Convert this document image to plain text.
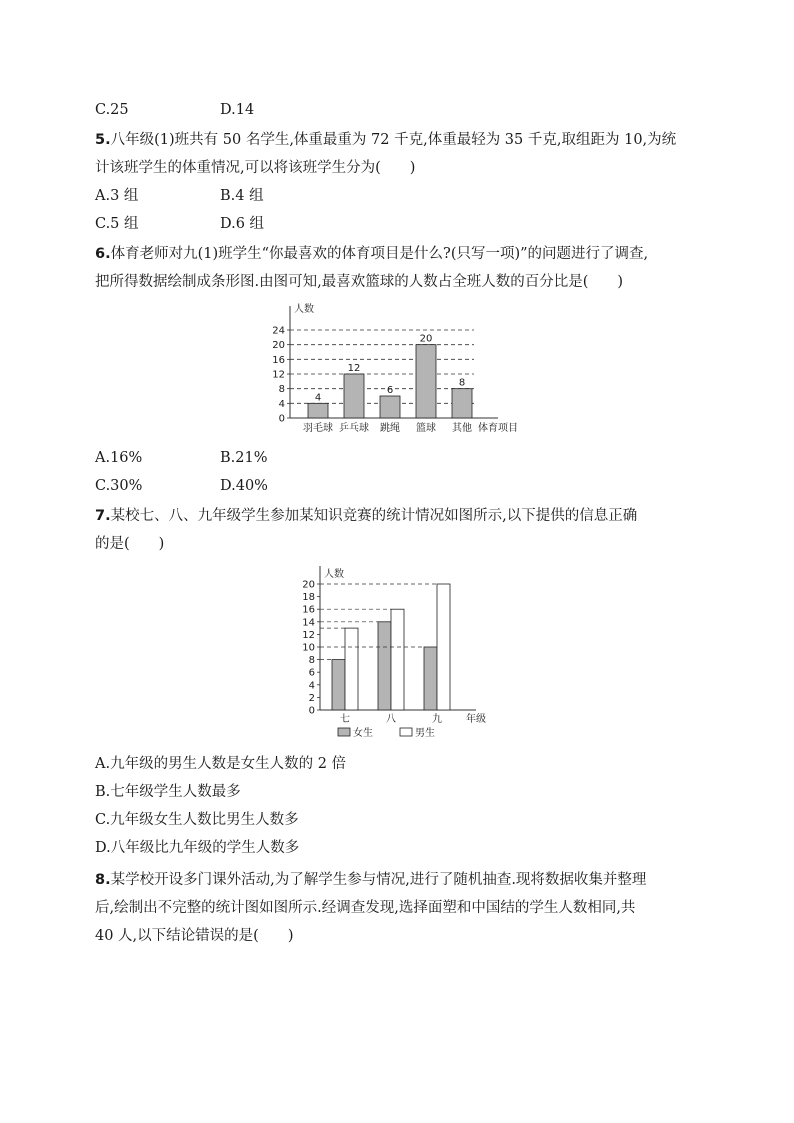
C.25	D.14
5.八年级(1)班共有 50 名学生,体重最重为 72 千克,体重最轻为 35 千克,取组距为 10,为统
计该班学生的体重情况,可以将该班学生分为(　　)
A.3 组	B.4 组
C.5 组	D.6 组
6.体育老师对九(1)班学生“你最喜欢的体育项目是什么?(只写一项)”的问题进行了调查,
把所得数据绘制成条形图.由图可知,最喜欢篮球的人数占全班人数的百分比是(　　)
0
4
8
12
16
20
24
人数
体育项目
4
羽毛球
12
乒乓球
6
跳绳
20
篮球
8
其他
A.16%	B.21%
C.30%	D.40%
7.某校七、八、九年级学生参加某知识竞赛的统计情况如图所示,以下提供的信息正确
的是(　　)
0
2
4
6
8
10
12
14
16
18
20
人数
年级
七	八	九
女生	男生
A.九年级的男生人数是女生人数的 2 倍
B.七年级学生人数最多
C.九年级女生人数比男生人数多
D.八年级比九年级的学生人数多
8.某学校开设多门课外活动,为了解学生参与情况,进行了随机抽查.现将数据收集并整理
后,绘制出不完整的统计图如图所示.经调查发现,选择面塑和中国结的学生人数相同,共
40 人,以下结论错误的是(　　)
